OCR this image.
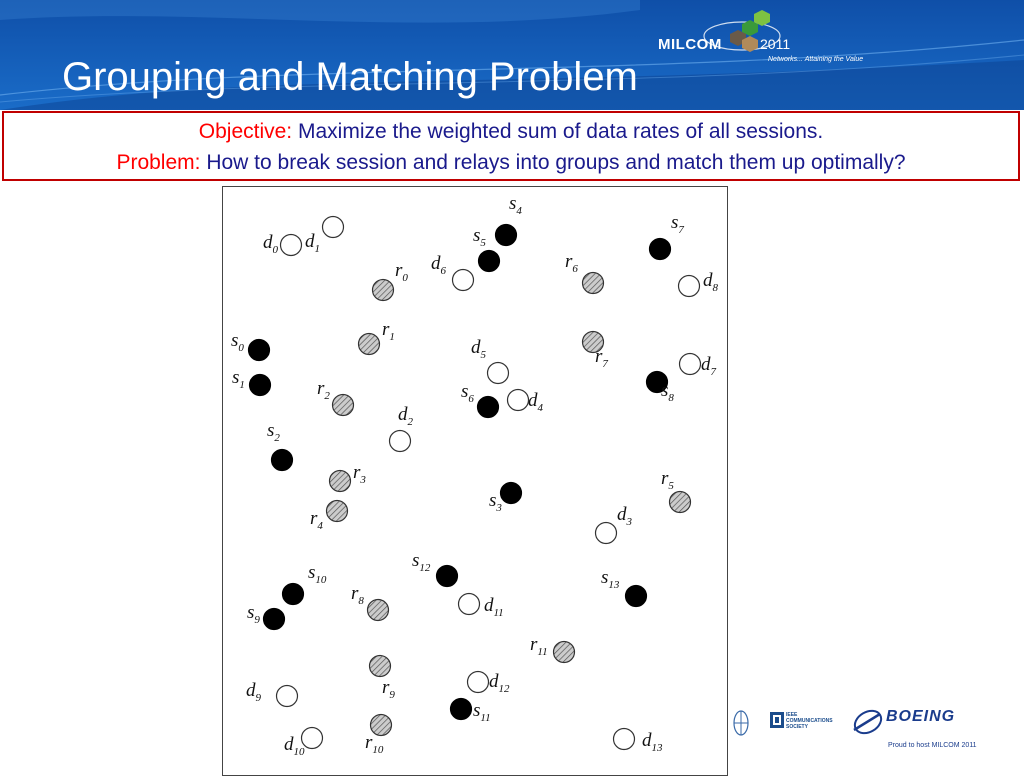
Grouping and Matching Problem
MILCOM	2011
Networks... Attaining the Value
Objective: Maximize the weighted sum of data rates of all sessions.
Problem: How to break session and relays into groups and match them up optimally?
$d_1$
$d_0$
$s_4$
$s_5$
$s_7$
$d_6$
$r_0$
$r_6$
$d_8$
$s_0$
$r_1$
$r_7$
$d_5$	$d_7$
$s_1$	$r_2$	$s_6$	$d_4$
$s_8$
$d_2$
$s_2$
$r_3$
$s_3$
$r_5$
$r_4$
$d_3$
$s_{12}$
$s_{10}$	$s_{13}$
$r_8$	$d_{11}$
$s_9$
$r_{11}$
$r_9$
$d_9$
$d_{12}$
$s_{11}$
$r_{10}$
$d_{10}$
$d_{13}$
IEEE COMMUNICATIONS SOCIETY
BOEING
Proud to host MILCOM 2011
